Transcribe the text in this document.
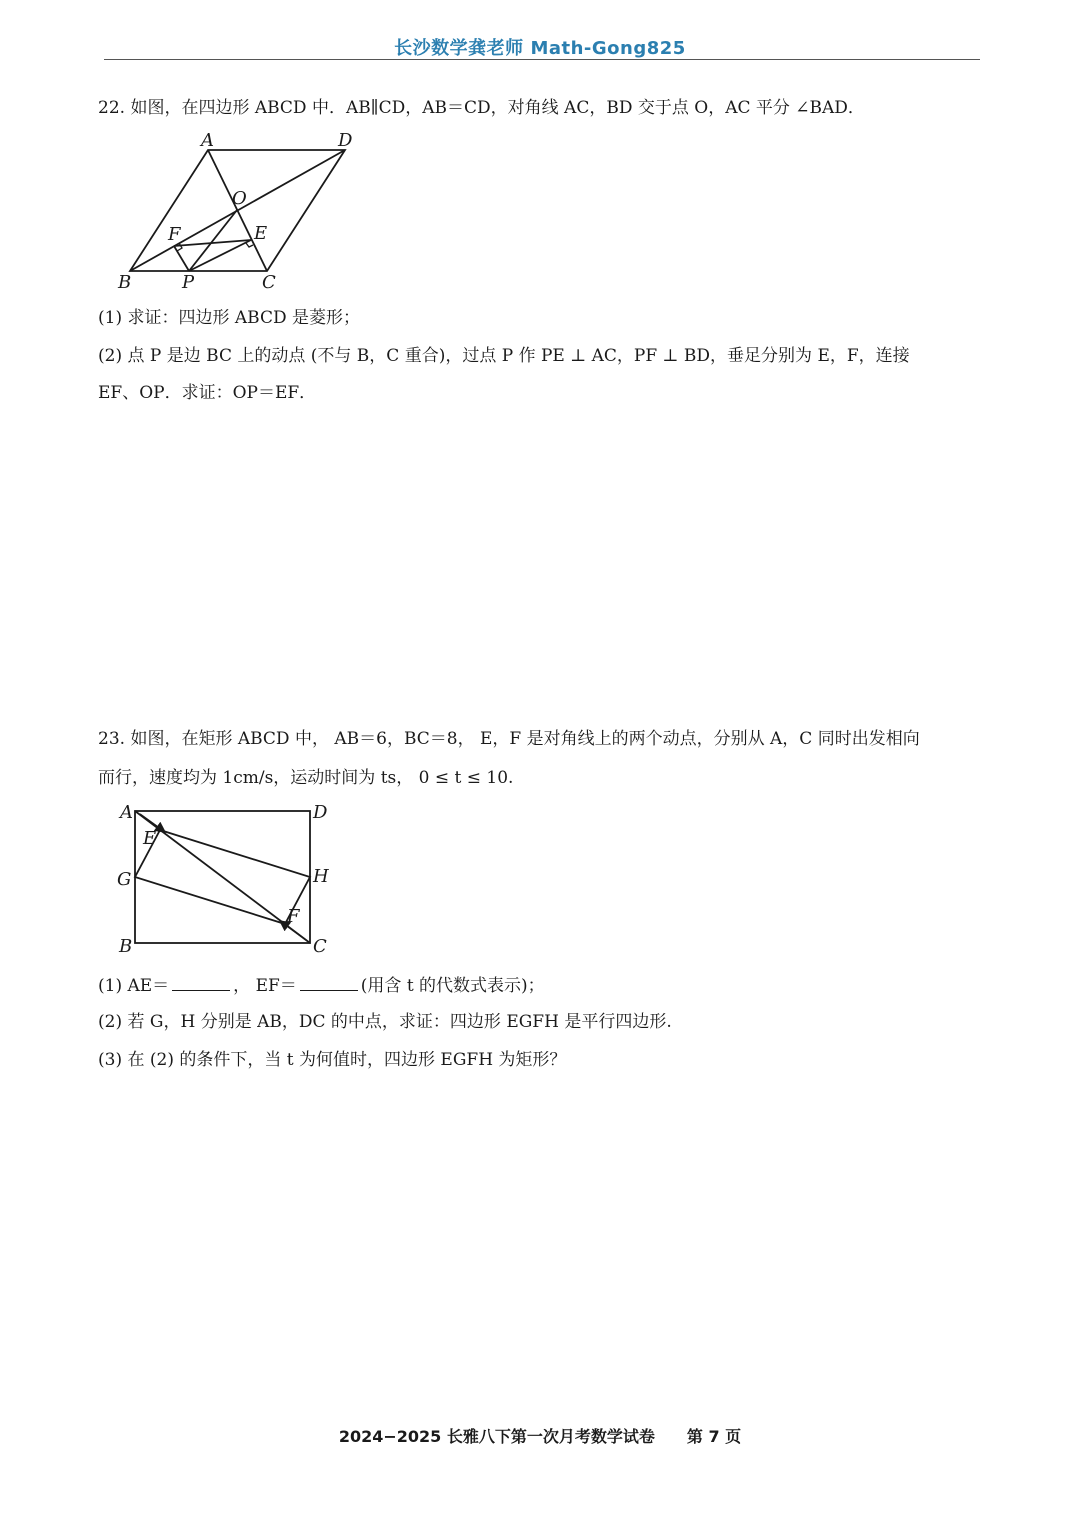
长沙数学龚老师 Math-Gong825
22. 如图，在四边形 ABCD 中．AB∥CD，AB＝CD，对角线 AC，BD 交于点 O，AC 平分 ∠BAD．
A	D
O
F	E
B	P	C
(1) 求证：四边形 ABCD 是菱形；
(2) 点 P 是边 BC 上的动点 (不与 B，C 重合)，过点 P 作 PE ⊥ AC，PF ⊥ BD，垂足分别为 E，F，连接
EF、OP．求证：OP＝EF．
23. 如图，在矩形 ABCD 中， AB＝6，BC＝8， E，F 是对角线上的两个动点，分别从 A，C 同时出发相向
而行，速度均为 1cm/s，运动时间为 ts， 0 ≤ t ≤ 10.
A	D
E
G	H
F
B	C
(1) AE＝	， EF＝	(用含 t 的代数式表示)；
(2) 若 G，H 分别是 AB，DC 的中点，求证：四边形 EGFH 是平行四边形.
(3) 在 (2) 的条件下，当 t 为何值时，四边形 EGFH 为矩形？
2024−2025 长雅八下第一次月考数学试卷 第 7 页
